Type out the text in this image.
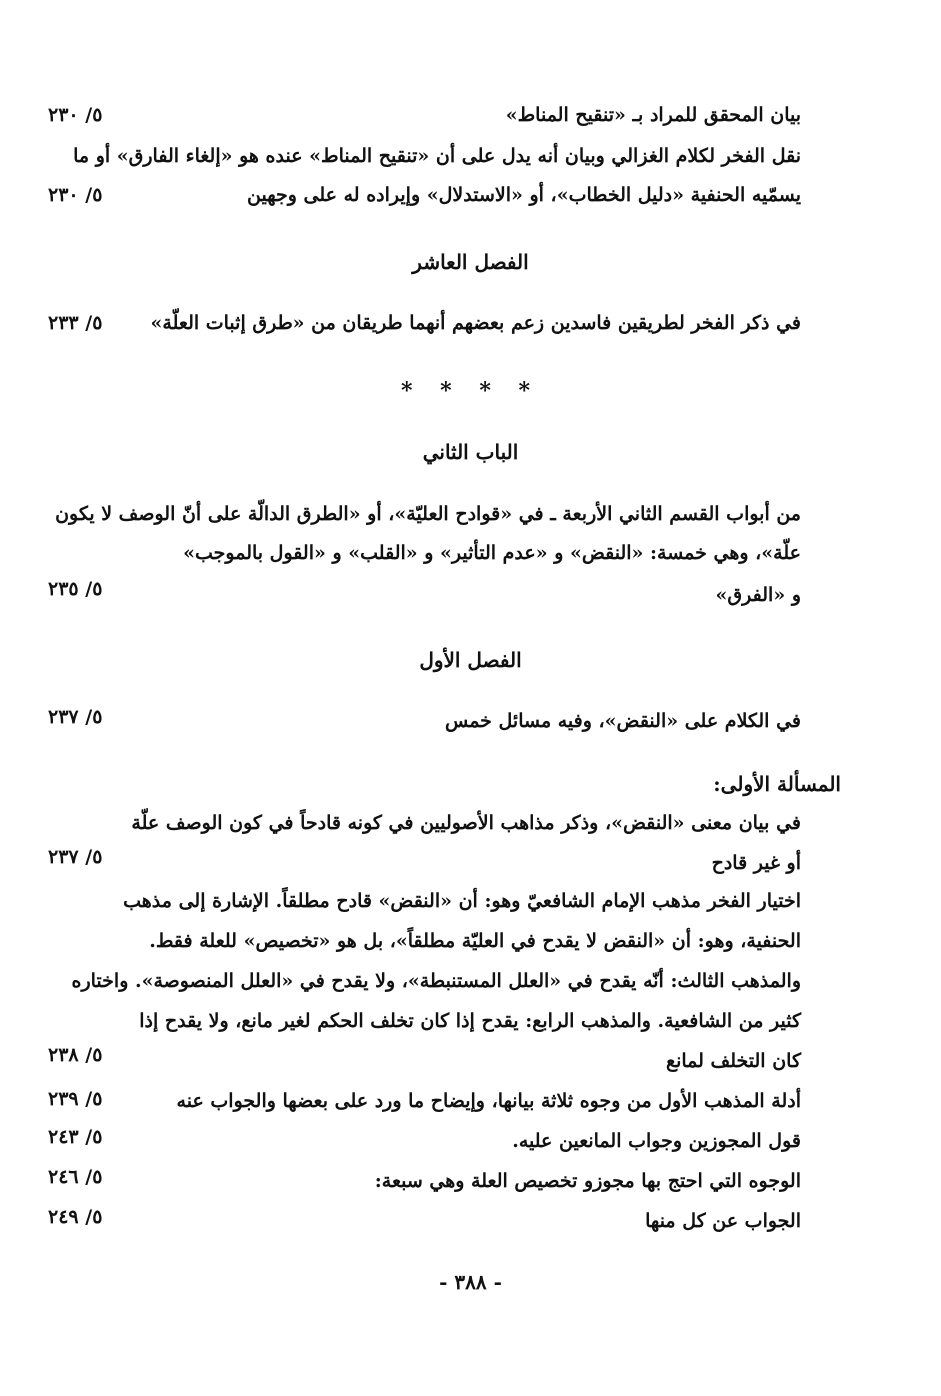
بيان المحقق للمراد بـ «تنقيح المناط»
٥/ ٢٣٠
نقل الفخر لكلام الغزالي وبيان أنه يدل على أن «تنقيح المناط» عنده هو «إلغاء الفارق» أو ما
يسمّيه الحنفية «دليل الخطاب»، أو «الاستدلال» وإيراده له على وجهين
٥/ ٢٣٠
الفصل العاشر
في ذكر الفخر لطريقين فاسدين زعم بعضهم أنهما طريقان من «طرق إثبات العلّة»
٥/ ٢٣٣
* * * *
الباب الثاني
من أبواب القسم الثاني الأربعة ـ في «قوادح العليّة»، أو «الطرق الدالّة على أنّ الوصف لا يكون
علّة»، وهي خمسة: «النقض» و «عدم التأثير» و «القلب» و «القول بالموجب»
و «الفرق»
٥/ ٢٣٥
الفصل الأول
في الكلام على «النقض»، وفيه مسائل خمس
٥/ ٢٣٧
المسألة الأولى:
في بيان معنى «النقض»، وذكر مذاهب الأصوليين في كونه قادحاً في كون الوصف علّة
أو غير قادح
٥/ ٢٣٧
اختيار الفخر مذهب الإمام الشافعيّ وهو: أن «النقض» قادح مطلقاً. الإشارة إلى مذهب
الحنفية، وهو: أن «النقض لا يقدح في العليّة مطلقاً»، بل هو «تخصيص» للعلة فقط.
والمذهب الثالث: أنّه يقدح في «العلل المستنبطة»، ولا يقدح في «العلل المنصوصة». واختاره
كثير من الشافعية. والمذهب الرابع: يقدح إذا كان تخلف الحكم لغير مانع، ولا يقدح إذا
كان التخلف لمانع
٥/ ٢٣٨
أدلة المذهب الأول من وجوه ثلاثة بيانها، وإيضاح ما ورد على بعضها والجواب عنه
٥/ ٢٣٩
قول المجوزين وجواب المانعين عليه.
٥/ ٢٤٣
الوجوه التي احتج بها مجوزو تخصيص العلة وهي سبعة:
٥/ ٢٤٦
الجواب عن كل منها
٥/ ٢٤٩
- ٣٨٨ -
